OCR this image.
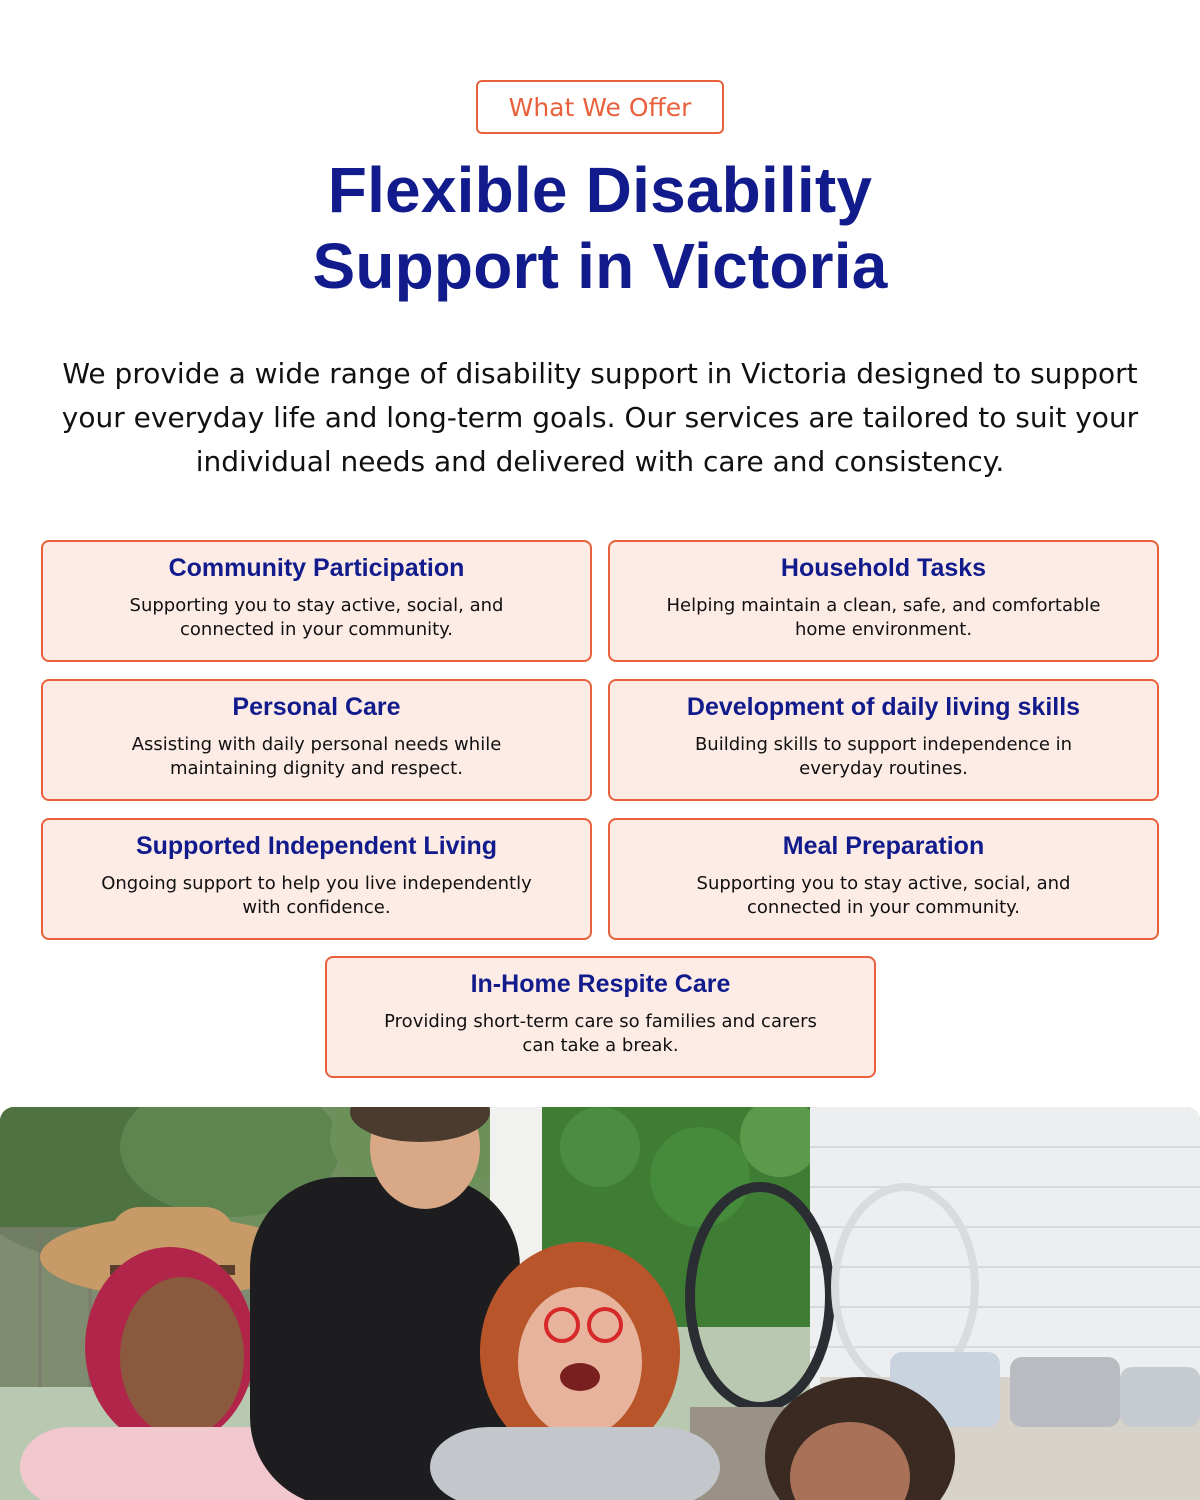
What We Offer
Flexible Disability
Support in Victoria

We provide a wide range of disability support in Victoria designed to support your everyday life and long-term goals. Our services are tailored to suit your individual needs and delivered with care and consistency.

Community Participation
Supporting you to stay active, social, and connected in your community.
Household Tasks
Helping maintain a clean, safe, and comfortable home environment.
Personal Care
Assisting with daily personal needs while maintaining dignity and respect.
Development of daily living skills
Building skills to support independence in everyday routines.
Supported Independent Living
Ongoing support to help you live independently with confidence.
Meal Preparation
Supporting you to stay active, social, and connected in your community.
In-Home Respite Care
Providing short-term care so families and carers can take a break.
